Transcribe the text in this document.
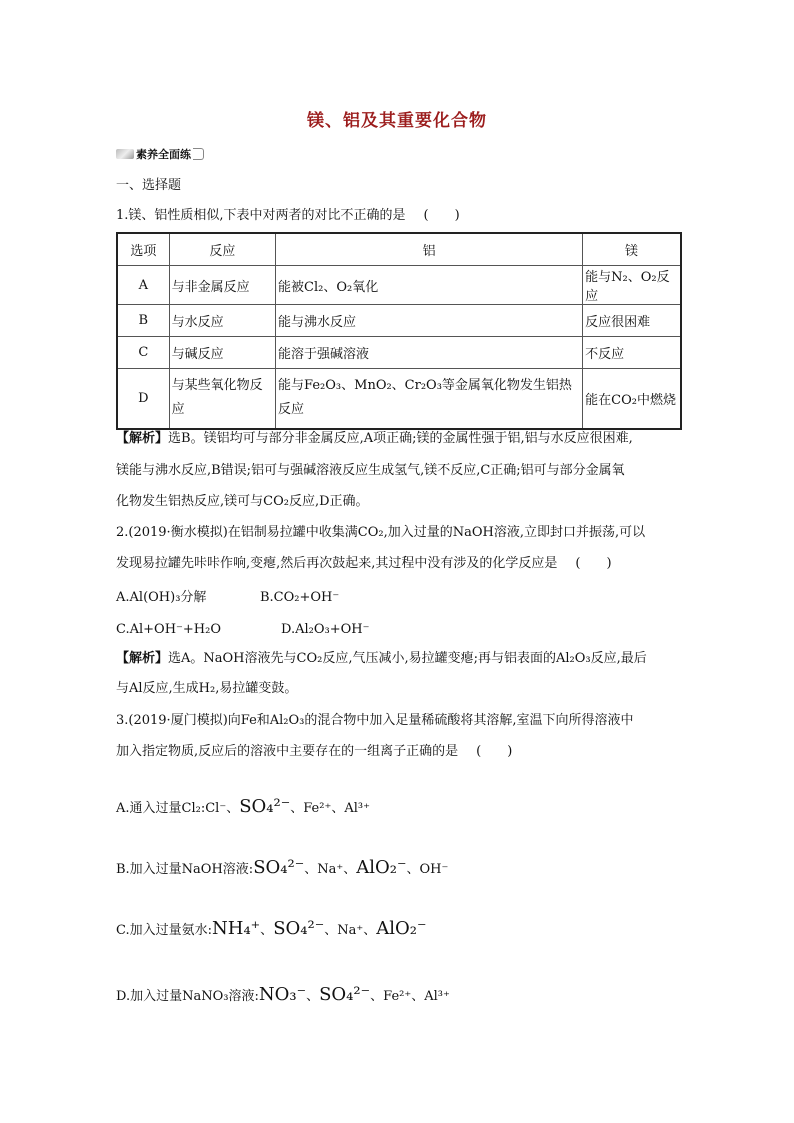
镁、铝及其重要化合物
素养全面练
一、选择题
1.镁、铝性质相似,下表中对两者的对比不正确的是 (　　)
选项	反应	铝	镁
A	与非金属反应	能被Cl₂、O₂氧化	能与N₂、O₂反应
B	与水反应	能与沸水反应	反应很困难
C	与碱反应	能溶于强碱溶液	不反应
D	与某些氧化物反应	能与Fe₂O₃、MnO₂、Cr₂O₃等金属氧化物发生铝热反应	能在CO₂中燃烧
【解析】选B。镁铝均可与部分非金属反应,A项正确;镁的金属性强于铝,铝与水反应很困难,
镁能与沸水反应,B错误;铝可与强碱溶液反应生成氢气,镁不反应,C正确;铝可与部分金属氧
化物发生铝热反应,镁可与CO₂反应,D正确。
2.(2019·衡水模拟)在铝制易拉罐中收集满CO₂,加入过量的NaOH溶液,立即封口并振荡,可以
发现易拉罐先咔咔作响,变瘪,然后再次鼓起来,其过程中没有涉及的化学反应是 (　　)
A.Al(OH)₃分解	B.CO₂+OH⁻
C.Al+OH⁻+H₂O	D.Al₂O₃+OH⁻
【解析】选A。NaOH溶液先与CO₂反应,气压减小,易拉罐变瘪;再与铝表面的Al₂O₃反应,最后
与Al反应,生成H₂,易拉罐变鼓。
3.(2019·厦门模拟)向Fe和Al₂O₃的混合物中加入足量稀硫酸将其溶解,室温下向所得溶液中
加入指定物质,反应后的溶液中主要存在的一组离子正确的是 (　　)
A.通入过量Cl₂:Cl⁻、SO₄²⁻、Fe²⁺、Al³⁺
B.加入过量NaOH溶液:SO₄²⁻、Na⁺、AlO₂⁻、OH⁻
C.加入过量氨水:NH₄⁺、SO₄²⁻、Na⁺、AlO₂⁻
D.加入过量NaNO₃溶液:NO₃⁻、SO₄²⁻、Fe²⁺、Al³⁺
